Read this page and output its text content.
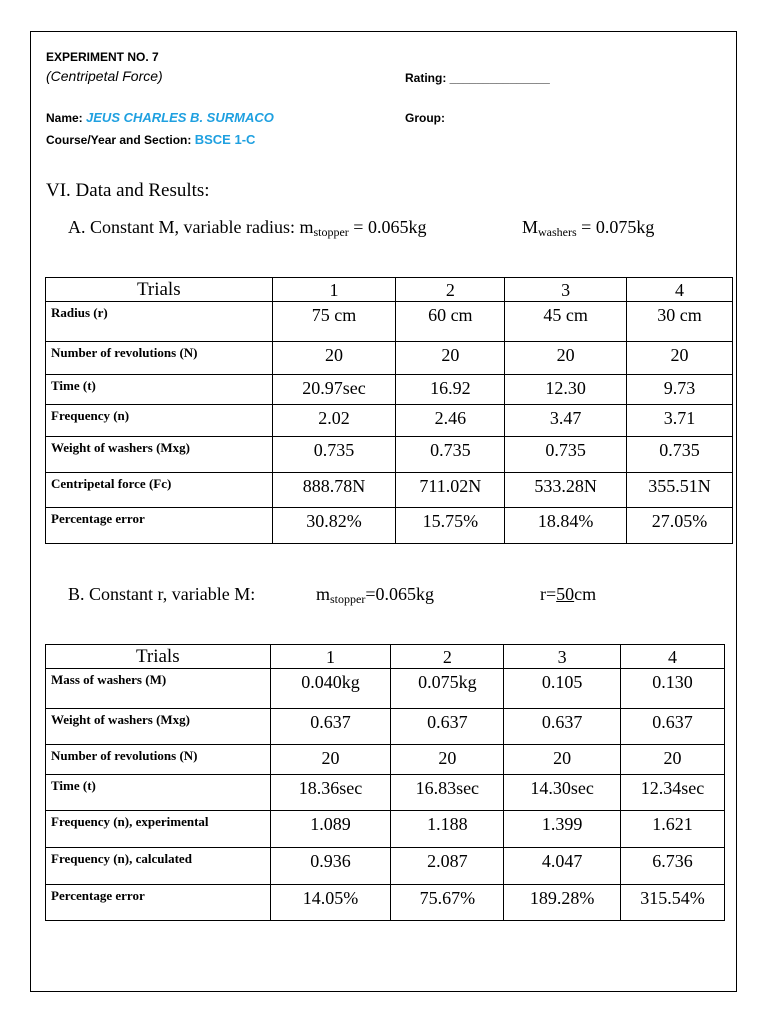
EXPERIMENT NO. 7
(Centripetal Force)	Rating: _______________
Name: JEUS CHARLES B. SURMACO	Group:
Course/Year and Section: BSCE 1-C
VI. Data and Results:
A. Constant M, variable radius: mstopper = 0.065kg	Mwashers = 0.075kg
Trials	1	2	3	4
Radius (r)	75 cm	60 cm	45 cm	30 cm
Number of revolutions (N)	20	20	20	20
Time (t)	20.97sec	16.92	12.30	9.73
Frequency (n)	2.02	2.46	3.47	3.71
Weight of washers (Mxg)	0.735	0.735	0.735	0.735
Centripetal force (Fc)	888.78N	711.02N	533.28N	355.51N
Percentage error	30.82%	15.75%	18.84%	27.05%
B. Constant r, variable M:	mstopper=0.065kg	r=50cm
Trials	1	2	3	4
Mass of washers (M)	0.040kg	0.075kg	0.105	0.130
Weight of washers (Mxg)	0.637	0.637	0.637	0.637
Number of revolutions (N)	20	20	20	20
Time (t)	18.36sec	16.83sec	14.30sec	12.34sec
Frequency (n), experimental	1.089	1.188	1.399	1.621
Frequency (n), calculated	0.936	2.087	4.047	6.736
Percentage error	14.05%	75.67%	189.28%	315.54%
